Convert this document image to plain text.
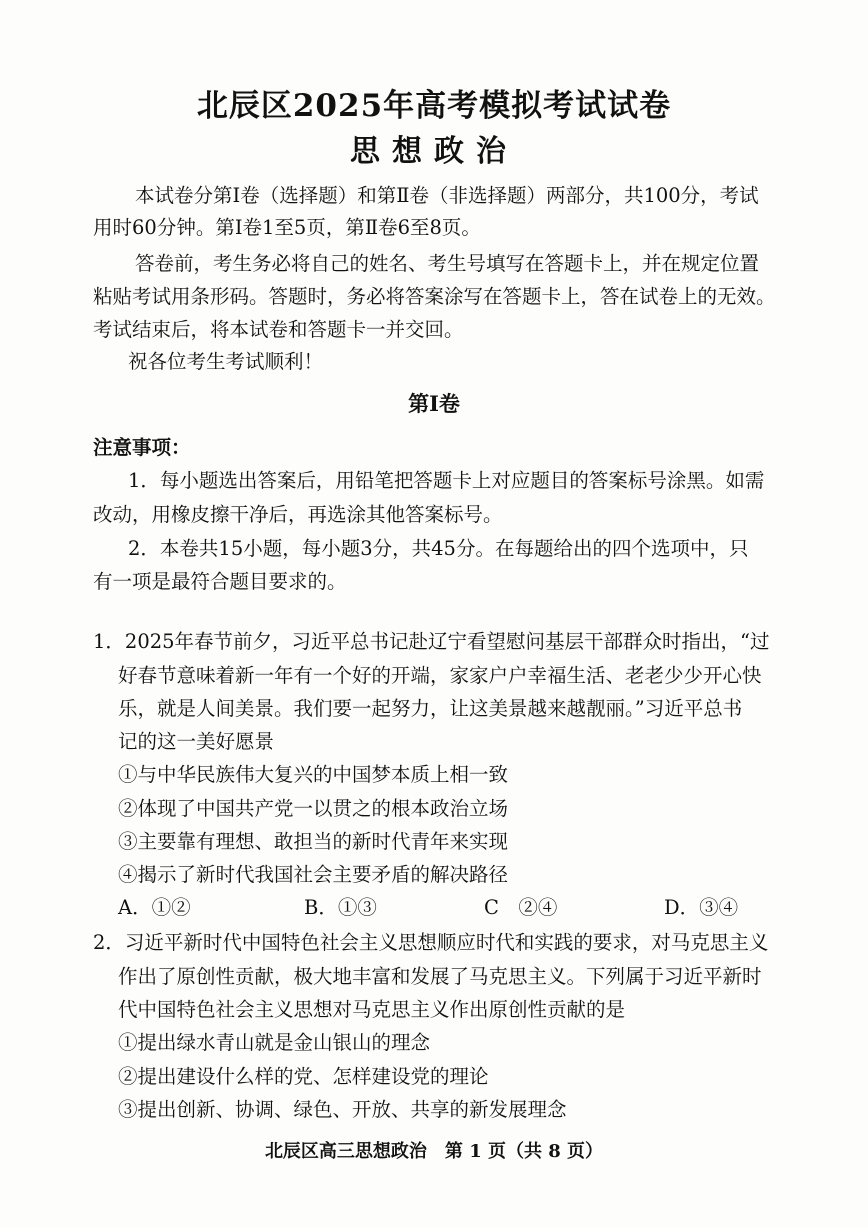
北辰区2025年高考模拟考试试卷
思想政治
本试卷分第Ⅰ卷（选择题）和第Ⅱ卷（非选择题）两部分，共100分，考试
用时60分钟。第Ⅰ卷1至5页，第Ⅱ卷6至8页。
答卷前，考生务必将自己的姓名、考生号填写在答题卡上，并在规定位置
粘贴考试用条形码。答题时，务必将答案涂写在答题卡上，答在试卷上的无效。
考试结束后，将本试卷和答题卡一并交回。
祝各位考生考试顺利！
第Ⅰ卷
注意事项：
1．每小题选出答案后，用铅笔把答题卡上对应题目的答案标号涂黑。如需
改动，用橡皮擦干净后，再选涂其他答案标号。
2．本卷共15小题，每小题3分，共45分。在每题给出的四个选项中，只
有一项是最符合题目要求的。
1．2025年春节前夕，习近平总书记赴辽宁看望慰问基层干部群众时指出，“过
好春节意味着新一年有一个好的开端，家家户户幸福生活、老老少少开心快
乐，就是人间美景。我们要一起努力，让这美景越来越靓丽。”习近平总书
记的这一美好愿景
①与中华民族伟大复兴的中国梦本质上相一致
②体现了中国共产党一以贯之的根本政治立场
③主要靠有理想、敢担当的新时代青年来实现
④揭示了新时代我国社会主要矛盾的解决路径
A．①②	B．①③	C　②④	D．③④
2．习近平新时代中国特色社会主义思想顺应时代和实践的要求，对马克思主义
作出了原创性贡献，极大地丰富和发展了马克思主义。下列属于习近平新时
代中国特色社会主义思想对马克思主义作出原创性贡献的是
①提出绿水青山就是金山银山的理念
②提出建设什么样的党、怎样建设党的理论
③提出创新、协调、绿色、开放、共享的新发展理念
北辰区高三思想政治　第 1 页（共 8 页）
